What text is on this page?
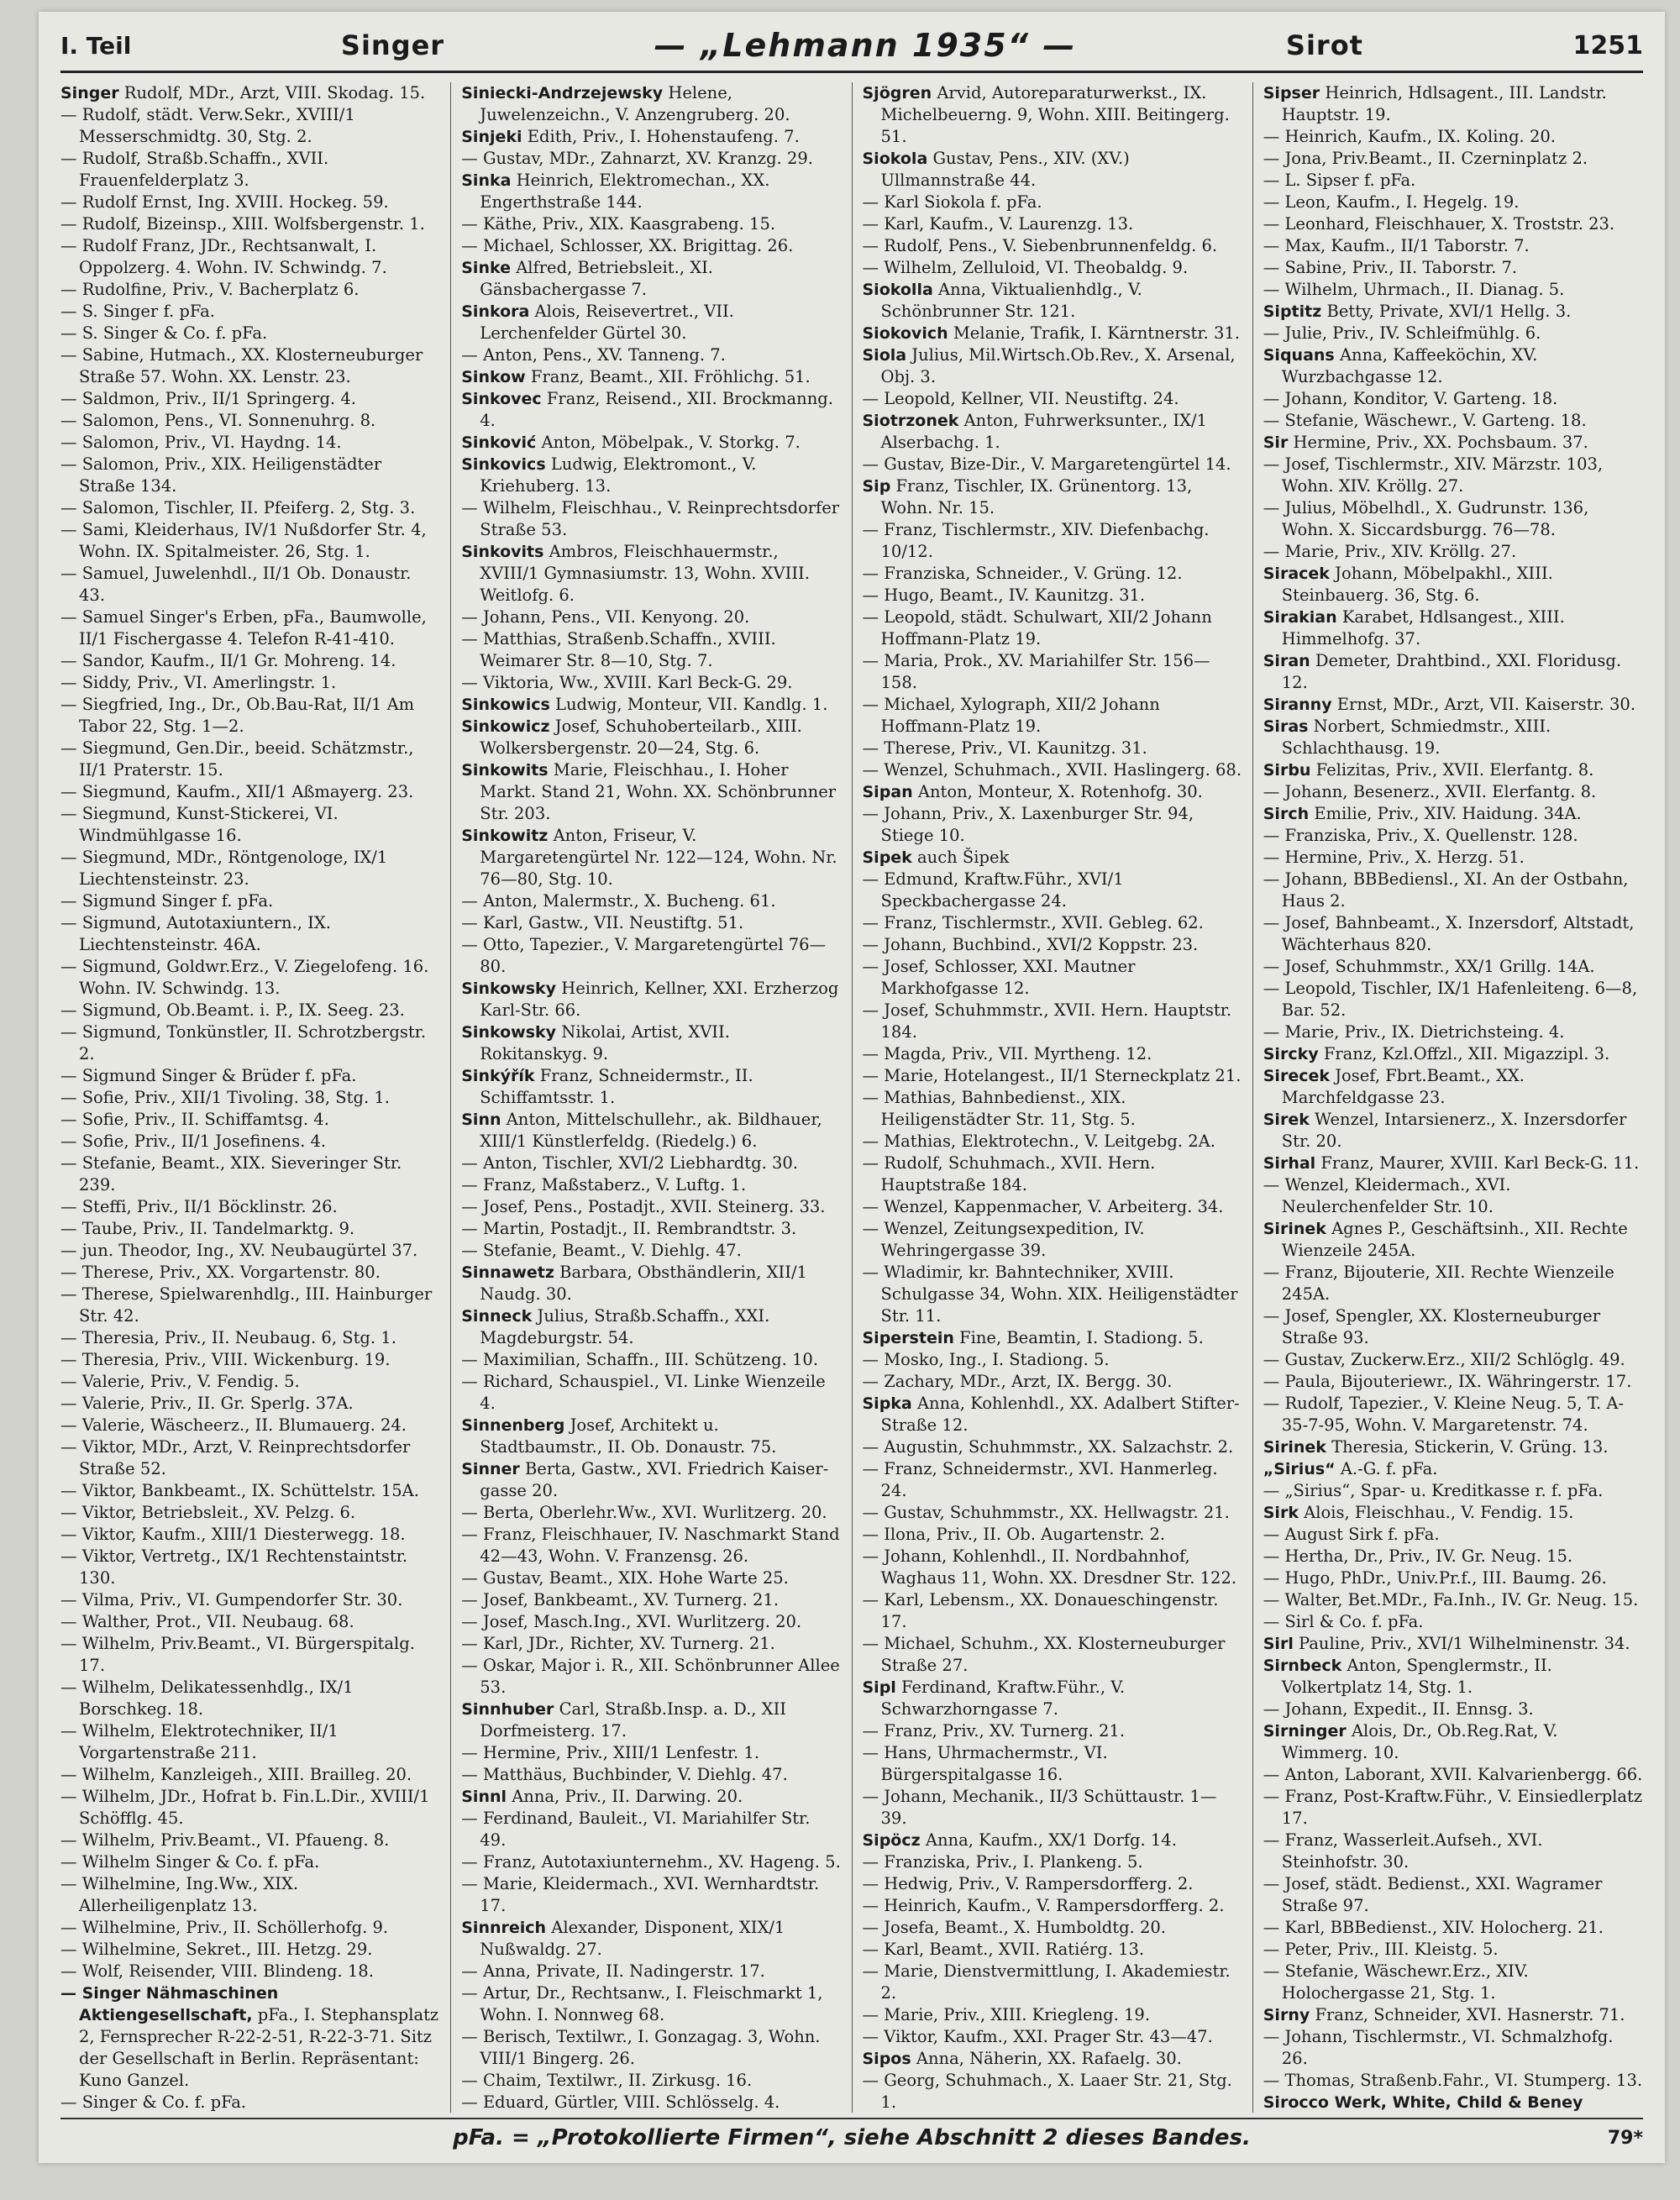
I. Teil	Singer	— „Lehmann 1935“ —	Sirot	1251

Singer Rudolf, MDr., Arzt, VIII. Skodag. 15.

— Rudolf, städt. Verw.Sekr., XVIII/1 Messerschmidtg. 30, Stg. 2.

— Rudolf, Straßb.Schaffn., XVII. Frauenfelderplatz 3.

— Rudolf Ernst, Ing. XVIII. Hockeg. 59.

— Rudolf, Bizeinsp., XIII. Wolfsbergenstr. 1.

— Rudolf Franz, JDr., Rechtsanwalt, I. Oppolzerg. 4. Wohn. IV. Schwindg. 7.

— Rudolfine, Priv., V. Bacherplatz 6.

— S. Singer f. pFa.

— S. Singer & Co. f. pFa.

— Sabine, Hutmach., XX. Klosterneuburger Straße 57. Wohn. XX. Lenstr. 23.

— Saldmon, Priv., II/1 Springerg. 4.

— Salomon, Pens., VI. Sonnenuhrg. 8.

— Salomon, Priv., VI. Haydng. 14.

— Salomon, Priv., XIX. Heiligenstädter Straße 134.

— Salomon, Tischler, II. Pfeiferg. 2, Stg. 3.

— Sami, Kleiderhaus, IV/1 Nußdorfer Str. 4, Wohn. IX. Spitalmeister. 26, Stg. 1.

— Samuel, Juwelenhdl., II/1 Ob. Donaustr. 43.

— Samuel Singer's Erben, pFa., Baumwolle, II/1 Fischergasse 4. Telefon R-41-410.

— Sandor, Kaufm., II/1 Gr. Mohreng. 14.

— Siddy, Priv., VI. Amerlingstr. 1.

— Siegfried, Ing., Dr., Ob.Bau-Rat, II/1 Am Tabor 22, Stg. 1—2.

— Siegmund, Gen.Dir., beeid. Schätzmstr., II/1 Praterstr. 15.

— Siegmund, Kaufm., XII/1 Aßmayerg. 23.

— Siegmund, Kunst-Stickerei, VI. Windmühlgasse 16.

— Siegmund, MDr., Röntgenologe, IX/1 Liechtensteinstr. 23.

— Sigmund Singer f. pFa.

— Sigmund, Autotaxiuntern., IX. Liechtensteinstr. 46A.

— Sigmund, Goldwr.Erz., V. Ziegelofeng. 16. Wohn. IV. Schwindg. 13.

— Sigmund, Ob.Beamt. i. P., IX. Seeg. 23.

— Sigmund, Tonkünstler, II. Schrotzbergstr. 2.

— Sigmund Singer & Brüder f. pFa.

— Sofie, Priv., XII/1 Tivoling. 38, Stg. 1.

— Sofie, Priv., II. Schiffamtsg. 4.

— Sofie, Priv., II/1 Josefinens. 4.

— Stefanie, Beamt., XIX. Sieveringer Str. 239.

— Steffi, Priv., II/1 Böcklinstr. 26.

— Taube, Priv., II. Tandelmarktg. 9.

— jun. Theodor, Ing., XV. Neubaugürtel 37.

— Therese, Priv., XX. Vorgartenstr. 80.

— Therese, Spielwarenhdlg., III. Hainburger Str. 42.

— Theresia, Priv., II. Neubaug. 6, Stg. 1.

— Theresia, Priv., VIII. Wickenburg. 19.

— Valerie, Priv., V. Fendig. 5.

— Valerie, Priv., II. Gr. Sperlg. 37A.

— Valerie, Wäscheerz., II. Blumauerg. 24.

— Viktor, MDr., Arzt, V. Reinprechtsdorfer Straße 52.

— Viktor, Bankbeamt., IX. Schüttelstr. 15A.

— Viktor, Betriebsleit., XV. Pelzg. 6.

— Viktor, Kaufm., XIII/1 Diesterwegg. 18.

— Viktor, Vertretg., IX/1 Rechtenstaintstr. 130.

— Vilma, Priv., VI. Gumpendorfer Str. 30.

— Walther, Prot., VII. Neubaug. 68.

— Wilhelm, Priv.Beamt., VI. Bürgerspitalg. 17.

— Wilhelm, Delikatessenhdlg., IX/1 Borschkeg. 18.

— Wilhelm, Elektrotechniker, II/1 Vorgartenstraße 211.

— Wilhelm, Kanzleigeh., XIII. Brailleg. 20.

— Wilhelm, JDr., Hofrat b. Fin.L.Dir., XVIII/1 Schöfflg. 45.

— Wilhelm, Priv.Beamt., VI. Pfaueng. 8.

— Wilhelm Singer & Co. f. pFa.

— Wilhelmine, Ing.Ww., XIX. Allerheiligenplatz 13.

— Wilhelmine, Priv., II. Schöllerhofg. 9.

— Wilhelmine, Sekret., III. Hetzg. 29.

— Wolf, Reisender, VIII. Blindeng. 18.

— Singer Nähmaschinen Aktiengesellschaft, pFa., I. Stephansplatz 2, Fernsprecher R-22-2-51, R-22-3-71. Sitz der Gesellschaft in Berlin. Repräsentant: Kuno Ganzel.

— Singer & Co. f. pFa.

Siniecki-Andrzejewsky Helene, Juwelenzeichn., V. Anzengruberg. 20.

Sinjeki Edith, Priv., I. Hohenstaufeng. 7.

— Gustav, MDr., Zahnarzt, XV. Kranzg. 29.

Sinka Heinrich, Elektromechan., XX. Engerthstraße 144.

— Käthe, Priv., XIX. Kaasgrabeng. 15.

— Michael, Schlosser, XX. Brigittag. 26.

Sinke Alfred, Betriebsleit., XI. Gänsbachergasse 7.

Sinkora Alois, Reisevertret., VII. Lerchenfelder Gürtel 30.

— Anton, Pens., XV. Tanneng. 7.

Sinkow Franz, Beamt., XII. Fröhlichg. 51.

Sinkovec Franz, Reisend., XII. Brockmanng. 4.

Sinković Anton, Möbelpak., V. Storkg. 7.

Sinkovics Ludwig, Elektromont., V. Kriehuberg. 13.

— Wilhelm, Fleischhau., V. Reinprechtsdorfer Straße 53.

Sinkovits Ambros, Fleischhauermstr., XVIII/1 Gymnasiumstr. 13, Wohn. XVIII. Weitlofg. 6.

— Johann, Pens., VII. Kenyong. 20.

— Matthias, Straßenb.Schaffn., XVIII. Weimarer Str. 8—10, Stg. 7.

— Viktoria, Ww., XVIII. Karl Beck-G. 29.

Sinkowics Ludwig, Monteur, VII. Kandlg. 1.

Sinkowicz Josef, Schuhoberteilarb., XIII. Wolkersbergenstr. 20—24, Stg. 6.

Sinkowits Marie, Fleischhau., I. Hoher Markt. Stand 21, Wohn. XX. Schönbrunner Str. 203.

Sinkowitz Anton, Friseur, V. Margaretengürtel Nr. 122—124, Wohn. Nr. 76—80, Stg. 10.

— Anton, Malermstr., X. Bucheng. 61.

— Karl, Gastw., VII. Neustiftg. 51.

— Otto, Tapezier., V. Margaretengürtel 76—80.

Sinkowsky Heinrich, Kellner, XXI. Erzherzog Karl-Str. 66.

Sinkowsky Nikolai, Artist, XVII. Rokitanskyg. 9.

Sinkýřík Franz, Schneidermstr., II. Schiffamtsstr. 1.

Sinn Anton, Mittelschullehr., ak. Bildhauer, XIII/1 Künstlerfeldg. (Riedelg.) 6.

— Anton, Tischler, XVI/2 Liebhardtg. 30.

— Franz, Maßstaberz., V. Luftg. 1.

— Josef, Pens., Postadjt., XVII. Steinerg. 33.

— Martin, Postadjt., II. Rembrandtstr. 3.

— Stefanie, Beamt., V. Diehlg. 47.

Sinnawetz Barbara, Obsthändlerin, XII/1 Naudg. 30.

Sinneck Julius, Straßb.Schaffn., XXI. Magdeburgstr. 54.

— Maximilian, Schaffn., III. Schützeng. 10.

— Richard, Schauspiel., VI. Linke Wienzeile 4.

Sinnenberg Josef, Architekt u. Stadtbaumstr., II. Ob. Donaustr. 75.

Sinner Berta, Gastw., XVI. Friedrich Kaiser-gasse 20.

— Berta, Oberlehr.Ww., XVI. Wurlitzerg. 20.

— Franz, Fleischhauer, IV. Naschmarkt Stand 42—43, Wohn. V. Franzensg. 26.

— Gustav, Beamt., XIX. Hohe Warte 25.

— Josef, Bankbeamt., XV. Turnerg. 21.

— Josef, Masch.Ing., XVI. Wurlitzerg. 20.

— Karl, JDr., Richter, XV. Turnerg. 21.

— Oskar, Major i. R., XII. Schönbrunner Allee 53.

Sinnhuber Carl, Straßb.Insp. a. D., XII Dorfmeisterg. 17.

— Hermine, Priv., XIII/1 Lenfestr. 1.

— Matthäus, Buchbinder, V. Diehlg. 47.

Sinnl Anna, Priv., II. Darwing. 20.

— Ferdinand, Bauleit., VI. Mariahilfer Str. 49.

— Franz, Autotaxiunternehm., XV. Hageng. 5.

— Marie, Kleidermach., XVI. Wernhardtstr. 17.

Sinnreich Alexander, Disponent, XIX/1 Nußwaldg. 27.

— Anna, Private, II. Nadingerstr. 17.

— Artur, Dr., Rechtsanw., I. Fleischmarkt 1, Wohn. I. Nonnweg 68.

— Berisch, Textilwr., I. Gonzagag. 3, Wohn. VIII/1 Bingerg. 26.

— Chaim, Textilwr., II. Zirkusg. 16.

— Eduard, Gürtler, VIII. Schlösselg. 4.

Sjögren Arvid, Autoreparaturwerkst., IX. Michelbeuerng. 9, Wohn. XIII. Beitingerg. 51.

Siokola Gustav, Pens., XIV. (XV.) Ullmannstraße 44.

— Karl Siokola f. pFa.

— Karl, Kaufm., V. Laurenzg. 13.

— Rudolf, Pens., V. Siebenbrunnenfeldg. 6.

— Wilhelm, Zelluloid, VI. Theobaldg. 9.

Siokolla Anna, Viktualienhdlg., V. Schönbrunner Str. 121.

Siokovich Melanie, Trafik, I. Kärntnerstr. 31.

Siola Julius, Mil.Wirtsch.Ob.Rev., X. Arsenal, Obj. 3.

— Leopold, Kellner, VII. Neustiftg. 24.

Siotrzonek Anton, Fuhrwerksunter., IX/1 Alserbachg. 1.

— Gustav, Bize-Dir., V. Margaretengürtel 14.

Sip Franz, Tischler, IX. Grünentorg. 13, Wohn. Nr. 15.

— Franz, Tischlermstr., XIV. Diefenbachg. 10/12.

— Franziska, Schneider., V. Grüng. 12.

— Hugo, Beamt., IV. Kaunitzg. 31.

— Leopold, städt. Schulwart, XII/2 Johann Hoffmann-Platz 19.

— Maria, Prok., XV. Mariahilfer Str. 156—158.

— Michael, Xylograph, XII/2 Johann Hoffmann-Platz 19.

— Therese, Priv., VI. Kaunitzg. 31.

— Wenzel, Schuhmach., XVII. Haslingerg. 68.

Sipan Anton, Monteur, X. Rotenhofg. 30.

— Johann, Priv., X. Laxenburger Str. 94, Stiege 10.

Sipek auch Šipek

— Edmund, Kraftw.Führ., XVI/1 Speckbachergasse 24.

— Franz, Tischlermstr., XVII. Gebleg. 62.

— Johann, Buchbind., XVI/2 Koppstr. 23.

— Josef, Schlosser, XXI. Mautner Markhofgasse 12.

— Josef, Schuhmmstr., XVII. Hern. Hauptstr. 184.

— Magda, Priv., VII. Myrtheng. 12.

— Marie, Hotelangest., II/1 Sterneckplatz 21.

— Mathias, Bahnbedienst., XIX. Heiligenstädter Str. 11, Stg. 5.

— Mathias, Elektrotechn., V. Leitgebg. 2A.

— Rudolf, Schuhmach., XVII. Hern. Hauptstraße 184.

— Wenzel, Kappenmacher, V. Arbeiterg. 34.

— Wenzel, Zeitungsexpedition, IV. Wehringergasse 39.

— Wladimir, kr. Bahntechniker, XVIII. Schulgasse 34, Wohn. XIX. Heiligenstädter Str. 11.

Siperstein Fine, Beamtin, I. Stadiong. 5.

— Mosko, Ing., I. Stadiong. 5.

— Zachary, MDr., Arzt, IX. Bergg. 30.

Sipka Anna, Kohlenhdl., XX. Adalbert Stifter-Straße 12.

— Augustin, Schuhmmstr., XX. Salzachstr. 2.

— Franz, Schneidermstr., XVI. Hanmerleg. 24.

— Gustav, Schuhmmstr., XX. Hellwagstr. 21.

— Ilona, Priv., II. Ob. Augartenstr. 2.

— Johann, Kohlenhdl., II. Nordbahnhof, Waghaus 11, Wohn. XX. Dresdner Str. 122.

— Karl, Lebensm., XX. Donaueschingenstr. 17.

— Michael, Schuhm., XX. Klosterneuburger Straße 27.

Sipl Ferdinand, Kraftw.Führ., V. Schwarzhorngasse 7.

— Franz, Priv., XV. Turnerg. 21.

— Hans, Uhrmachermstr., VI. Bürgerspitalgasse 16.

— Johann, Mechanik., II/3 Schüttaustr. 1—39.

Sipöcz Anna, Kaufm., XX/1 Dorfg. 14.

— Franziska, Priv., I. Plankeng. 5.

— Hedwig, Priv., V. Rampersdorfferg. 2.

— Heinrich, Kaufm., V. Rampersdorfferg. 2.

— Josefa, Beamt., X. Humboldtg. 20.

— Karl, Beamt., XVII. Ratiérg. 13.

— Marie, Dienstvermittlung, I. Akademiestr. 2.

— Marie, Priv., XIII. Kriegleng. 19.

— Viktor, Kaufm., XXI. Prager Str. 43—47.

Sipos Anna, Näherin, XX. Rafaelg. 30.

— Georg, Schuhmach., X. Laaer Str. 21, Stg. 1.

Sipser Heinrich, Hdlsagent., III. Landstr. Hauptstr. 19.

— Heinrich, Kaufm., IX. Koling. 20.

— Jona, Priv.Beamt., II. Czerninplatz 2.

— L. Sipser f. pFa.

— Leon, Kaufm., I. Hegelg. 19.

— Leonhard, Fleischhauer, X. Troststr. 23.

— Max, Kaufm., II/1 Taborstr. 7.

— Sabine, Priv., II. Taborstr. 7.

— Wilhelm, Uhrmach., II. Dianag. 5.

Siptitz Betty, Private, XVI/1 Hellg. 3.

— Julie, Priv., IV. Schleifmühlg. 6.

Siquans Anna, Kaffeeköchin, XV. Wurzbachgasse 12.

— Johann, Konditor, V. Garteng. 18.

— Stefanie, Wäschewr., V. Garteng. 18.

Sir Hermine, Priv., XX. Pochsbaum. 37.

— Josef, Tischlermstr., XIV. Märzstr. 103, Wohn. XIV. Kröllg. 27.

— Julius, Möbelhdl., X. Gudrunstr. 136, Wohn. X. Siccardsburgg. 76—78.

— Marie, Priv., XIV. Kröllg. 27.

Siracek Johann, Möbelpakhl., XIII. Steinbauerg. 36, Stg. 6.

Sirakian Karabet, Hdlsangest., XIII. Himmelhofg. 37.

Siran Demeter, Drahtbind., XXI. Floridusg. 12.

Siranny Ernst, MDr., Arzt, VII. Kaiserstr. 30.

Siras Norbert, Schmiedmstr., XIII. Schlachthausg. 19.

Sirbu Felizitas, Priv., XVII. Elerfantg. 8.

— Johann, Besenerz., XVII. Elerfantg. 8.

Sirch Emilie, Priv., XIV. Haidung. 34A.

— Franziska, Priv., X. Quellenstr. 128.

— Hermine, Priv., X. Herzg. 51.

— Johann, BBBediensl., XI. An der Ostbahn, Haus 2.

— Josef, Bahnbeamt., X. Inzersdorf, Altstadt, Wächterhaus 820.

— Josef, Schuhmmstr., XX/1 Grillg. 14A.

— Leopold, Tischler, IX/1 Hafenleiteng. 6—8, Bar. 52.

— Marie, Priv., IX. Dietrichsteing. 4.

Sircky Franz, Kzl.Offzl., XII. Migazzipl. 3.

Sirecek Josef, Fbrt.Beamt., XX. Marchfeldgasse 23.

Sirek Wenzel, Intarsienerz., X. Inzersdorfer Str. 20.

Sirhal Franz, Maurer, XVIII. Karl Beck-G. 11.

— Wenzel, Kleidermach., XVI. Neulerchenfelder Str. 10.

Sirinek Agnes P., Geschäftsinh., XII. Rechte Wienzeile 245A.

— Franz, Bijouterie, XII. Rechte Wienzeile 245A.

— Josef, Spengler, XX. Klosterneuburger Straße 93.

— Gustav, Zuckerw.Erz., XII/2 Schlöglg. 49.

— Paula, Bijouteriewr., IX. Währingerstr. 17.

— Rudolf, Tapezier., V. Kleine Neug. 5, T. A-35-7-95, Wohn. V. Margaretenstr. 74.

Sirinek Theresia, Stickerin, V. Grüng. 13.

„Sirius“ A.-G. f. pFa.

— „Sirius“, Spar- u. Kreditkasse r. f. pFa.

Sirk Alois, Fleischhau., V. Fendig. 15.

— August Sirk f. pFa.

— Hertha, Dr., Priv., IV. Gr. Neug. 15.

— Hugo, PhDr., Univ.Pr.f., III. Baumg. 26.

— Walter, Bet.MDr., Fa.Inh., IV. Gr. Neug. 15.

— Sirl & Co. f. pFa.

Sirl Pauline, Priv., XVI/1 Wilhelminenstr. 34.

Sirnbeck Anton, Spenglermstr., II. Volkertplatz 14, Stg. 1.

— Johann, Expedit., II. Ennsg. 3.

Sirninger Alois, Dr., Ob.Reg.Rat, V. Wimmerg. 10.

— Anton, Laborant, XVII. Kalvarienbergg. 66.

— Franz, Post-Kraftw.Führ., V. Einsiedlerplatz 17.

— Franz, Wasserleit.Aufseh., XVI. Steinhofstr. 30.

— Josef, städt. Bedienst., XXI. Wagramer Straße 97.

— Karl, BBBedienst., XIV. Holocherg. 21.

— Peter, Priv., III. Kleistg. 5.

— Stefanie, Wäschewr.Erz., XIV. Holochergasse 21, Stg. 1.

Sirny Franz, Schneider, XVI. Hasnerstr. 71.

— Johann, Tischlermstr., VI. Schmalzhofg. 26.

— Thomas, Straßenb.Fahr., VI. Stumperg. 13.

Sirocco Werk, White, Child & Beney

pFa. = „Protokollierte Firmen“, siehe Abschnitt 2 dieses Bandes.	79*
